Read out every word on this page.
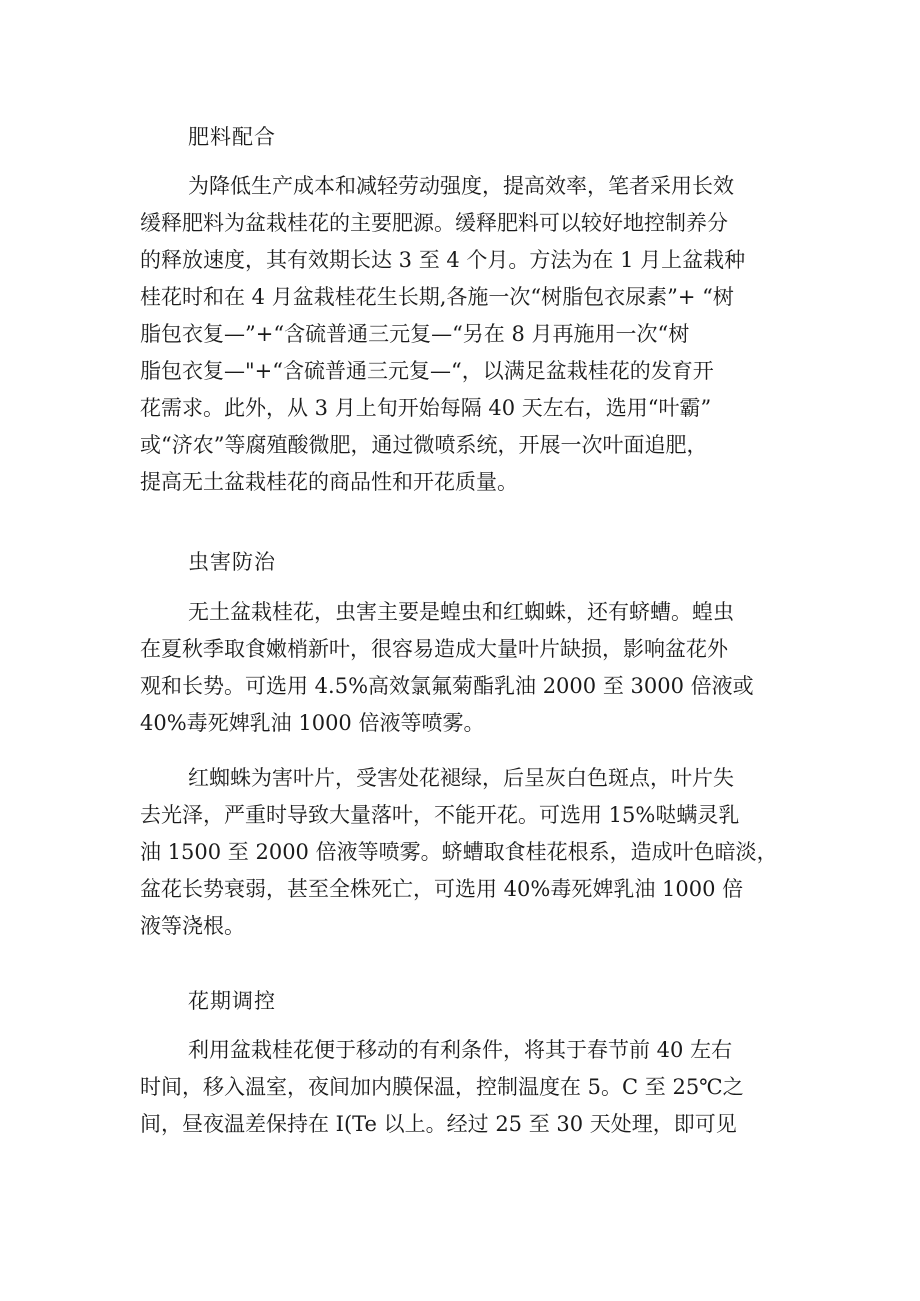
肥料配合
为降低生产成本和减轻劳动强度，提高效率，笔者采用长效
缓释肥料为盆栽桂花的主要肥源。缓释肥料可以较好地控制养分
的释放速度，其有效期长达 3 至 4 个月。方法为在 1 月上盆栽种
桂花时和在 4 月盆栽桂花生长期,各施一次“树脂包衣尿素”+ “树
脂包衣复—”+“含硫普通三元复—“另在 8 月再施用一次“树
脂包衣复—"+“含硫普通三元复—“，以满足盆栽桂花的发育开
花需求。此外，从 3 月上旬开始每隔 40 天左右，选用“叶霸”
或“济农”等腐殖酸微肥，通过微喷系统，开展一次叶面追肥，
提高无土盆栽桂花的商品性和开花质量。
虫害防治
无土盆栽桂花，虫害主要是蝗虫和红蜘蛛，还有蛴螬。蝗虫
在夏秋季取食嫩梢新叶，很容易造成大量叶片缺损，影响盆花外
观和长势。可选用 4.5%高效氯氟菊酯乳油 2000 至 3000 倍液或
40%毒死婢乳油 1000 倍液等喷雾。
红蜘蛛为害叶片，受害处花褪绿，后呈灰白色斑点，叶片失
去光泽，严重时导致大量落叶，不能开花。可选用 15%哒螨灵乳
油 1500 至 2000 倍液等喷雾。蛴螬取食桂花根系，造成叶色暗淡，
盆花长势衰弱，甚至全株死亡，可选用 40%毒死婢乳油 1000 倍
液等浇根。
花期调控
利用盆栽桂花便于移动的有利条件，将其于春节前 40 左右
时间，移入温室，夜间加内膜保温，控制温度在 5。C 至 25℃之
间，昼夜温差保持在 I(Te 以上。经过 25 至 30 天处理，即可见
